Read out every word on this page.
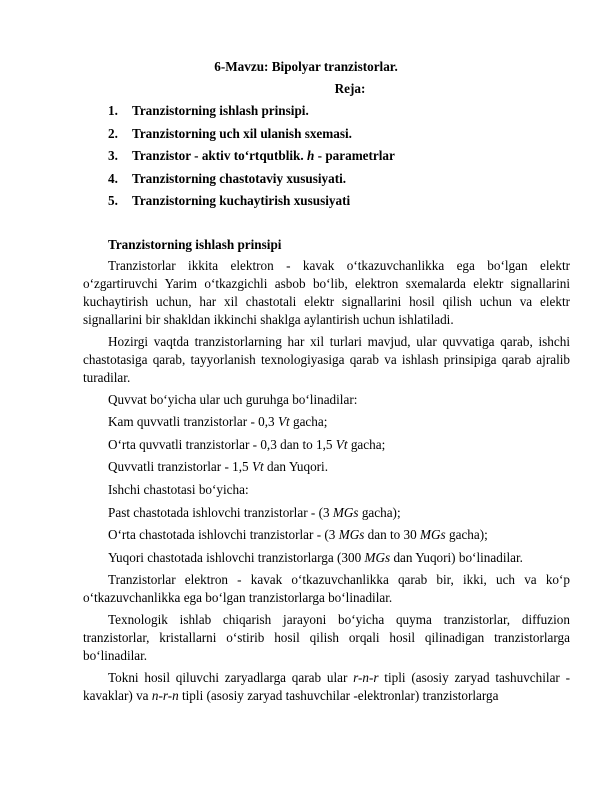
6-Mavzu: Bipolyar tranzistorlar.
Reja:
1. Tranzistorning ishlash prinsipi.
2. Tranzistorning uch xil ulanish sxemasi.
3. Tranzistor - aktiv to‘rtqutblik. h - parametrlar
4. Tranzistorning chastotaviy xususiyati.
5. Tranzistorning kuchaytirish xususiyati
Tranzistorning ishlash prinsipi

Tranzistorlar ikkita elektron - kavak o‘tkazuvchanlikka ega bo‘lgan elektr o‘zgartiruvchi Yarim o‘tkazgichli asbob bo‘lib, elektron sxemalarda elektr signallarini kuchaytirish uchun, har xil chastotali elektr signallarini hosil qilish uchun va elektr signallarini bir shakldan ikkinchi shaklga aylantirish uchun ishlatiladi.

Hozirgi vaqtda tranzistorlarning har xil turlari mavjud, ular quvvatiga qarab, ishchi chastotasiga qarab, tayyorlanish texnologiyasiga qarab va ishlash prinsipiga qarab ajralib turadilar.

Quvvat bo‘yicha ular uch guruhga bo‘linadilar:

Kam quvvatli tranzistorlar - 0,3 Vt gacha;

O‘rta quvvatli tranzistorlar - 0,3 dan to 1,5 Vt gacha;

Quvvatli tranzistorlar - 1,5 Vt dan Yuqori.

Ishchi chastotasi bo‘yicha:

Past chastotada ishlovchi tranzistorlar - (3 MGs gacha);

O‘rta chastotada ishlovchi tranzistorlar - (3 MGs dan to 30 MGs gacha);

Yuqori chastotada ishlovchi tranzistorlarga (300 MGs dan Yuqori) bo‘linadilar.

Tranzistorlar elektron - kavak o‘tkazuvchanlikka qarab bir, ikki, uch va ko‘p o‘tkazuvchanlikka ega bo‘lgan tranzistorlarga bo‘linadilar.

Texnologik ishlab chiqarish jarayoni bo‘yicha quyma tranzistorlar, diffuzion tranzistorlar, kristallarni o‘stirib hosil qilish orqali hosil qilinadigan tranzistorlarga bo‘linadilar.

Tokni hosil qiluvchi zaryadlarga qarab ular r-n-r tipli (asosiy zaryad tashuvchilar - kavaklar) va n-r-n tipli (asosiy zaryad tashuvchilar -elektronlar) tranzistorlarga
